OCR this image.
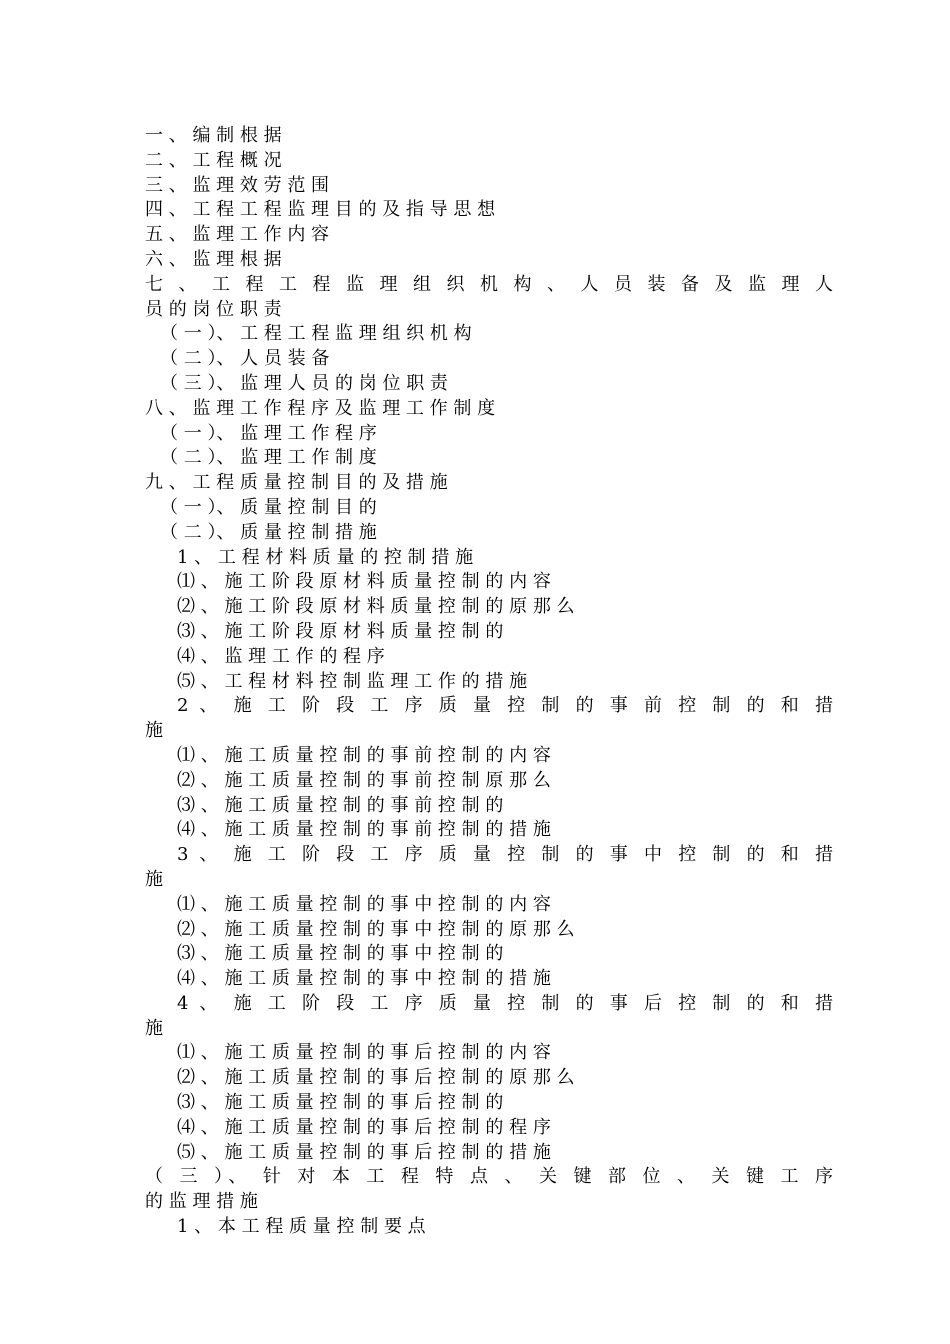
一 、 编 制 根 据
二 、 工 程 概 况
三 、 监 理 效 劳 范 围
四 、 工 程 工 程 监 理 目 的 及 指 导 思 想
五 、 监 理 工 作 内 容
六 、 监 理 根 据
七 、 工 程 工 程 监 理 组 织 机 构 、 人 员 装 备 及 监 理 人
员 的 岗 位 职 责
（ 一 ）、 工 程 工 程 监 理 组 织 机 构
（ 二 ）、 人 员 装 备
（ 三 ）、 监 理 人 员 的 岗 位 职 责
八 、 监 理 工 作 程 序 及 监 理 工 作 制 度
（ 一 ）、 监 理 工 作 程 序
（ 二 ）、 监 理 工 作 制 度
九 、 工 程 质 量 控 制 目 的 及 措 施
（ 一 ）、 质 量 控 制 目 的
（ 二 ）、 质 量 控 制 措 施
1 、 工 程 材 料 质 量 的 控 制 措 施
⑴ 、 施 工 阶 段 原 材 料 质 量 控 制 的 内 容
⑵ 、 施 工 阶 段 原 材 料 质 量 控 制 的 原 那 么
⑶ 、 施 工 阶 段 原 材 料 质 量 控 制 的
⑷ 、 监 理 工 作 的 程 序
⑸ 、 工 程 材 料 控 制 监 理 工 作 的 措 施
2 、 施 工 阶 段 工 序 质 量 控 制 的 事 前 控 制 的 和 措
施
⑴ 、 施 工 质 量 控 制 的 事 前 控 制 的 内 容
⑵ 、 施 工 质 量 控 制 的 事 前 控 制 原 那 么
⑶ 、 施 工 质 量 控 制 的 事 前 控 制 的
⑷ 、 施 工 质 量 控 制 的 事 前 控 制 的 措 施
3 、 施 工 阶 段 工 序 质 量 控 制 的 事 中 控 制 的 和 措
施
⑴ 、 施 工 质 量 控 制 的 事 中 控 制 的 内 容
⑵ 、 施 工 质 量 控 制 的 事 中 控 制 的 原 那 么
⑶ 、 施 工 质 量 控 制 的 事 中 控 制 的
⑷ 、 施 工 质 量 控 制 的 事 中 控 制 的 措 施
4 、 施 工 阶 段 工 序 质 量 控 制 的 事 后 控 制 的 和 措
施
⑴ 、 施 工 质 量 控 制 的 事 后 控 制 的 内 容
⑵ 、 施 工 质 量 控 制 的 事 后 控 制 的 原 那 么
⑶ 、 施 工 质 量 控 制 的 事 后 控 制 的
⑷ 、 施 工 质 量 控 制 的 事 后 控 制 的 程 序
⑸ 、 施 工 质 量 控 制 的 事 后 控 制 的 措 施
（ 三 ）、 针 对 本 工 程 特 点 、 关 键 部 位 、 关 键 工 序
的 监 理 措 施
1 、 本 工 程 质 量 控 制 要 点
